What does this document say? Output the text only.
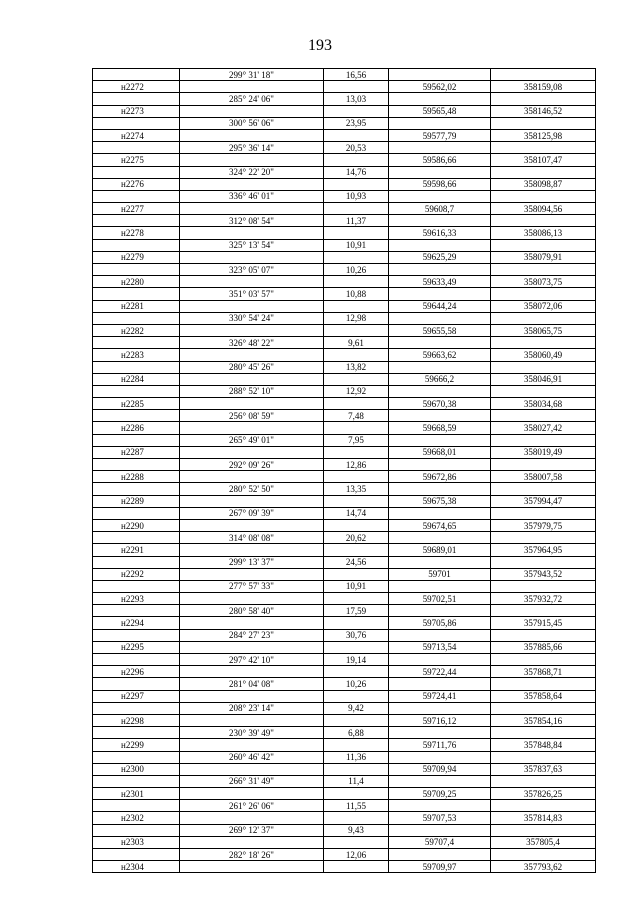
193
	299° 31' 18"	16,56		
н2272			59562,02	358159,08
	285° 24' 06"	13,03		
н2273			59565,48	358146,52
	300° 56' 06"	23,95		
н2274			59577,79	358125,98
	295° 36' 14"	20,53		
н2275			59586,66	358107,47
	324° 22' 20"	14,76		
н2276			59598,66	358098,87
	336° 46' 01"	10,93		
н2277			59608,7	358094,56
	312° 08' 54"	11,37		
н2278			59616,33	358086,13
	325° 13' 54"	10,91		
н2279			59625,29	358079,91
	323° 05' 07"	10,26		
н2280			59633,49	358073,75
	351° 03' 57"	10,88		
н2281			59644,24	358072,06
	330° 54' 24"	12,98		
н2282			59655,58	358065,75
	326° 48' 22"	9,61		
н2283			59663,62	358060,49
	280° 45' 26"	13,82		
н2284			59666,2	358046,91
	288° 52' 10"	12,92		
н2285			59670,38	358034,68
	256° 08' 59"	7,48		
н2286			59668,59	358027,42
	265° 49' 01"	7,95		
н2287			59668,01	358019,49
	292° 09' 26"	12,86		
н2288			59672,86	358007,58
	280° 52' 50"	13,35		
н2289			59675,38	357994,47
	267° 09' 39"	14,74		
н2290			59674,65	357979,75
	314° 08' 08"	20,62		
н2291			59689,01	357964,95
	299° 13' 37"	24,56		
н2292			59701	357943,52
	277° 57' 33"	10,91		
н2293			59702,51	357932,72
	280° 58' 40"	17,59		
н2294			59705,86	357915,45
	284° 27' 23"	30,76		
н2295			59713,54	357885,66
	297° 42' 10"	19,14		
н2296			59722,44	357868,71
	281° 04' 08"	10,26		
н2297			59724,41	357858,64
	208° 23' 14"	9,42		
н2298			59716,12	357854,16
	230° 39' 49"	6,88		
н2299			59711,76	357848,84
	260° 46' 42"	11,36		
н2300			59709,94	357837,63
	266° 31' 49"	11,4		
н2301			59709,25	357826,25
	261° 26' 06"	11,55		
н2302			59707,53	357814,83
	269° 12' 37"	9,43		
н2303			59707,4	357805,4
	282° 18' 26"	12,06		
н2304			59709,97	357793,62
